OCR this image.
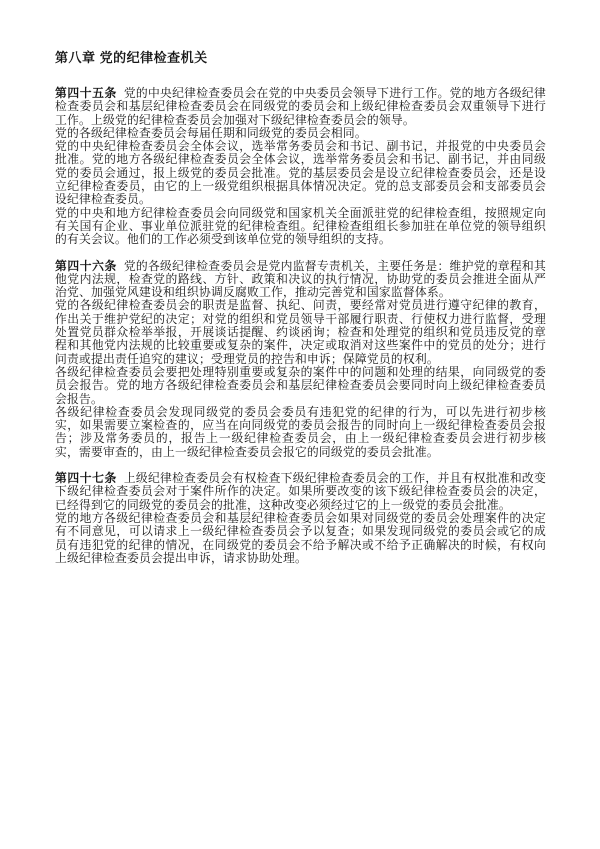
第八章 党的纪律检查机关

第四十五条 党的中央纪律检查委员会在党的中央委员会领导下进行工作。党的地方各级纪律检查委员会和基层纪律检查委员会在同级党的委员会和上级纪律检查委员会双重领导下进行工作。上级党的纪律检查委员会加强对下级纪律检查委员会的领导。

党的各级纪律检查委员会每届任期和同级党的委员会相同。

党的中央纪律检查委员会全体会议，选举常务委员会和书记、副书记，并报党的中央委员会批准。党的地方各级纪律检查委员会全体会议，选举常务委员会和书记、副书记，并由同级党的委员会通过，报上级党的委员会批准。党的基层委员会是设立纪律检查委员会，还是设立纪律检查委员，由它的上一级党组织根据具体情况决定。党的总支部委员会和支部委员会设纪律检查委员。

党的中央和地方纪律检查委员会向同级党和国家机关全面派驻党的纪律检查组，按照规定向有关国有企业、事业单位派驻党的纪律检查组。纪律检查组组长参加驻在单位党的领导组织的有关会议。他们的工作必须受到该单位党的领导组织的支持。

第四十六条 党的各级纪律检查委员会是党内监督专责机关，主要任务是：维护党的章程和其他党内法规，检查党的路线、方针、政策和决议的执行情况，协助党的委员会推进全面从严治党、加强党风建设和组织协调反腐败工作，推动完善党和国家监督体系。

党的各级纪律检查委员会的职责是监督、执纪、问责，要经常对党员进行遵守纪律的教育，作出关于维护党纪的决定；对党的组织和党员领导干部履行职责、行使权力进行监督，受理处置党员群众检举举报，开展谈话提醒、约谈函询；检查和处理党的组织和党员违反党的章程和其他党内法规的比较重要或复杂的案件，决定或取消对这些案件中的党员的处分；进行问责或提出责任追究的建议；受理党员的控告和申诉；保障党员的权利。

各级纪律检查委员会要把处理特别重要或复杂的案件中的问题和处理的结果，向同级党的委员会报告。党的地方各级纪律检查委员会和基层纪律检查委员会要同时向上级纪律检查委员会报告。

各级纪律检查委员会发现同级党的委员会委员有违犯党的纪律的行为，可以先进行初步核实，如果需要立案检查的，应当在向同级党的委员会报告的同时向上一级纪律检查委员会报告；涉及常务委员的，报告上一级纪律检查委员会，由上一级纪律检查委员会进行初步核实，需要审查的，由上一级纪律检查委员会报它的同级党的委员会批准。

第四十七条 上级纪律检查委员会有权检查下级纪律检查委员会的工作，并且有权批准和改变下级纪律检查委员会对于案件所作的决定。如果所要改变的该下级纪律检查委员会的决定，已经得到它的同级党的委员会的批准，这种改变必须经过它的上一级党的委员会批准。

党的地方各级纪律检查委员会和基层纪律检查委员会如果对同级党的委员会处理案件的决定有不同意见，可以请求上一级纪律检查委员会予以复查；如果发现同级党的委员会或它的成员有违犯党的纪律的情况，在同级党的委员会不给予解决或不给予正确解决的时候，有权向上级纪律检查委员会提出申诉，请求协助处理。
